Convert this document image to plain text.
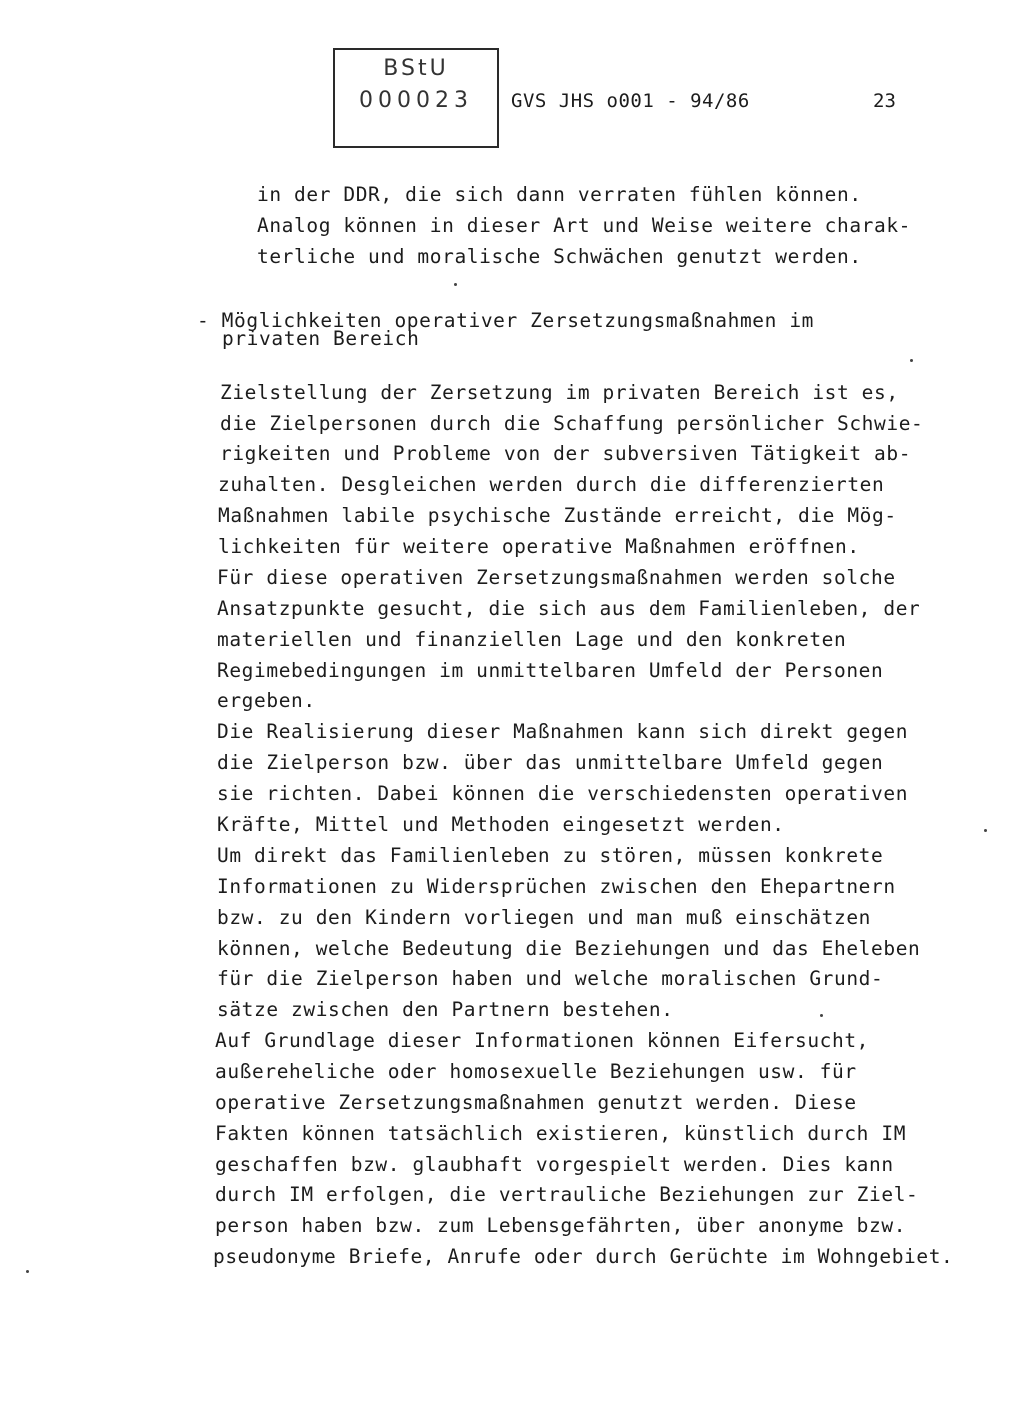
BStU
000023	GVS JHS o001 - 94/86	23
in der DDR, die sich dann verraten fühlen können.
Analog können in dieser Art und Weise weitere charak-
terliche und moralische Schwächen genutzt werden.
- Möglichkeiten operativer Zersetzungsmaßnahmen im
privaten Bereich
Zielstellung der Zersetzung im privaten Bereich ist es,
die Zielpersonen durch die Schaffung persönlicher Schwie-
rigkeiten und Probleme von der subversiven Tätigkeit ab-
zuhalten. Desgleichen werden durch die differenzierten
Maßnahmen labile psychische Zustände erreicht, die Mög-
lichkeiten für weitere operative Maßnahmen eröffnen.
Für diese operativen Zersetzungsmaßnahmen werden solche
Ansatzpunkte gesucht, die sich aus dem Familienleben, der
materiellen und finanziellen Lage und den konkreten
Regimebedingungen im unmittelbaren Umfeld der Personen
ergeben.
Die Realisierung dieser Maßnahmen kann sich direkt gegen
die Zielperson bzw. über das unmittelbare Umfeld gegen
sie richten. Dabei können die verschiedensten operativen
Kräfte, Mittel und Methoden eingesetzt werden.
Um direkt das Familienleben zu stören, müssen konkrete
Informationen zu Widersprüchen zwischen den Ehepartnern
bzw. zu den Kindern vorliegen und man muß einschätzen
können, welche Bedeutung die Beziehungen und das Eheleben
für die Zielperson haben und welche moralischen Grund-
sätze zwischen den Partnern bestehen.
Auf Grundlage dieser Informationen können Eifersucht,
außereheliche oder homosexuelle Beziehungen usw. für
operative Zersetzungsmaßnahmen genutzt werden. Diese
Fakten können tatsächlich existieren, künstlich durch IM
geschaffen bzw. glaubhaft vorgespielt werden. Dies kann
durch IM erfolgen, die vertrauliche Beziehungen zur Ziel-
person haben bzw. zum Lebensgefährten, über anonyme bzw.
pseudonyme Briefe, Anrufe oder durch Gerüchte im Wohngebiet.
